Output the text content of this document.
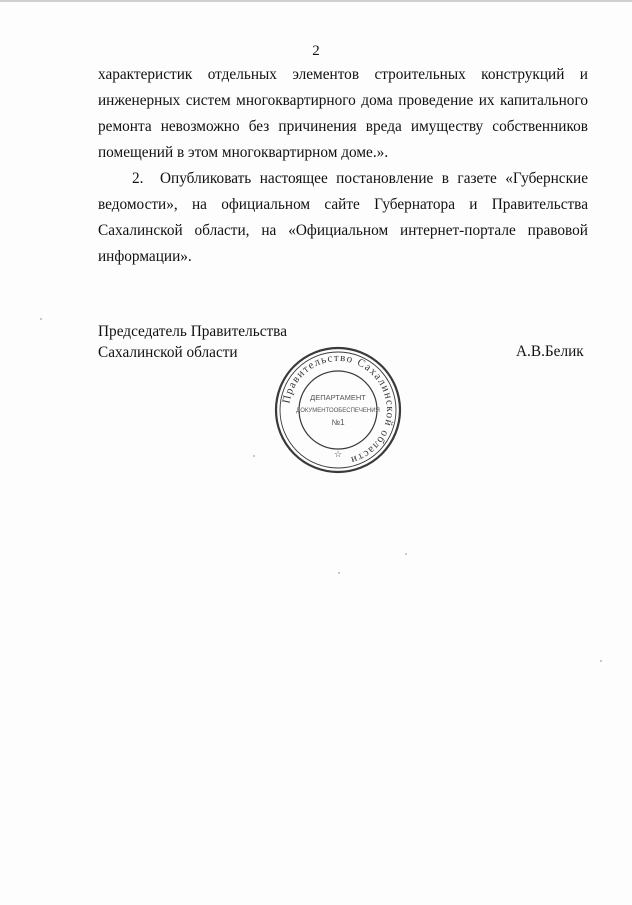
2

характеристик отдельных элементов строительных конструкций и инженерных систем многоквартирного дома проведение их капитального ремонта невозможно без причинения вреда имуществу собственников помещений в этом многоквартирном доме.».

2. Опубликовать настоящее постановление в газете «Губернские ведомости», на официальном сайте Губернатора и Правительства Сахалинской области, на «Официальном интернет-портале правовой информации».

Председатель Правительства
Сахалинской области	А.В.Белик
Правительство Сахалинской области
☆
ДЕПАРТАМЕНТ
ДОКУМЕНТООБЕСПЕЧЕНИЯ
№1
